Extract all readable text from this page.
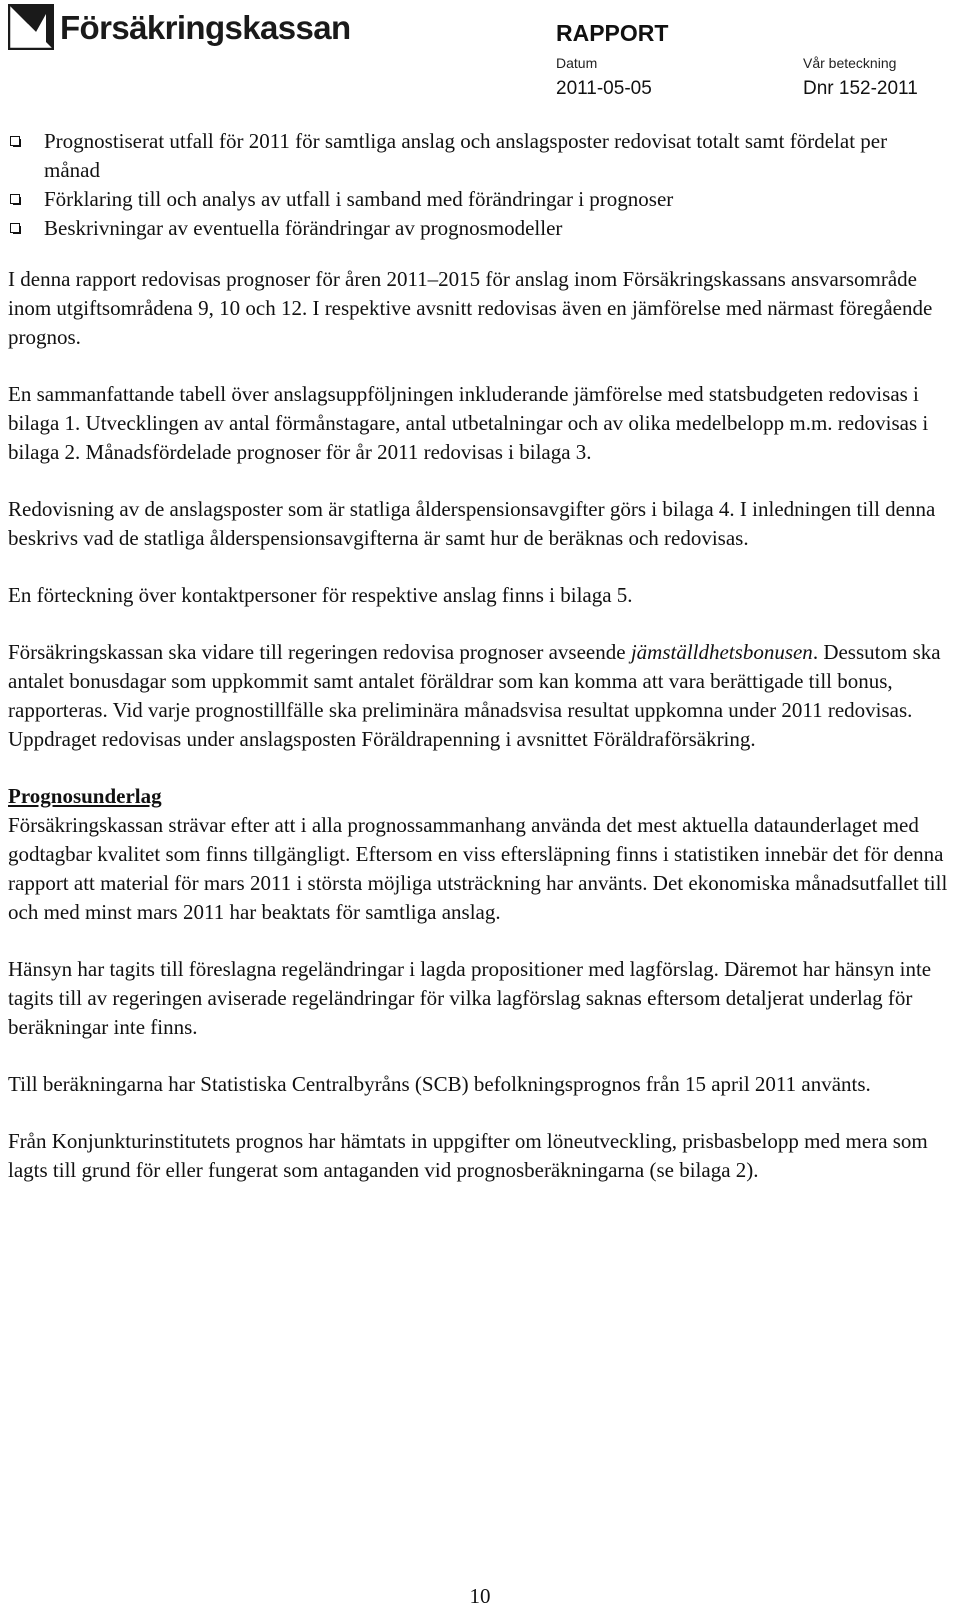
Försäkringskassan	RAPPORT
Datum	Vår beteckning
2011-05-05	Dnr 152-2011
Prognostiserat utfall för 2011 för samtliga anslag och anslagsposter redovisat totalt samt fördelat per månad
Förklaring till och analys av utfall i samband med förändringar i prognoser
Beskrivningar av eventuella förändringar av prognosmodeller

I denna rapport redovisas prognoser för åren 2011–2015 för anslag inom Försäkringskassans ansvarsområde inom utgiftsområdena 9, 10 och 12. I respektive avsnitt redovisas även en jämförelse med närmast föregående prognos.

En sammanfattande tabell över anslagsuppföljningen inkluderande jämförelse med statsbudgeten redovisas i bilaga 1. Utvecklingen av antal förmånstagare, antal utbetalningar och av olika medelbelopp m.m. redovisas i bilaga 2. Månadsfördelade prognoser för år 2011 redovisas i bilaga 3.

Redovisning av de anslagsposter som är statliga ålderspensionsavgifter görs i bilaga 4. I inledningen till denna beskrivs vad de statliga ålderspensionsavgifterna är samt hur de beräknas och redovisas.

En förteckning över kontaktpersoner för respektive anslag finns i bilaga 5.

Försäkringskassan ska vidare till regeringen redovisa prognoser avseende jämställdhetsbonusen. Dessutom ska antalet bonusdagar som uppkommit samt antalet föräldrar som kan komma att vara berättigade till bonus, rapporteras. Vid varje prognostillfälle ska preliminära månadsvisa resultat uppkomna under 2011 redovisas. Uppdraget redovisas under anslagsposten Föräldrapenning i avsnittet Föräldraförsäkring.

Prognosunderlag

Försäkringskassan strävar efter att i alla prognossammanhang använda det mest aktuella dataunderlaget med godtagbar kvalitet som finns tillgängligt. Eftersom en viss eftersläpning finns i statistiken innebär det för denna rapport att material för mars 2011 i största möjliga utsträckning har använts. Det ekonomiska månadsutfallet till och med minst mars 2011 har beaktats för samtliga anslag.

Hänsyn har tagits till föreslagna regeländringar i lagda propositioner med lagförslag. Däremot har hänsyn inte tagits till av regeringen aviserade regeländringar för vilka lagförslag saknas eftersom detaljerat underlag för beräkningar inte finns.

Till beräkningarna har Statistiska Centralbyråns (SCB) befolkningsprognos från 15 april 2011 använts.

Från Konjunkturinstitutets prognos har hämtats in uppgifter om löneutveckling, prisbasbelopp med mera som lagts till grund för eller fungerat som antaganden vid prognosberäkningarna (se bilaga 2).

10
